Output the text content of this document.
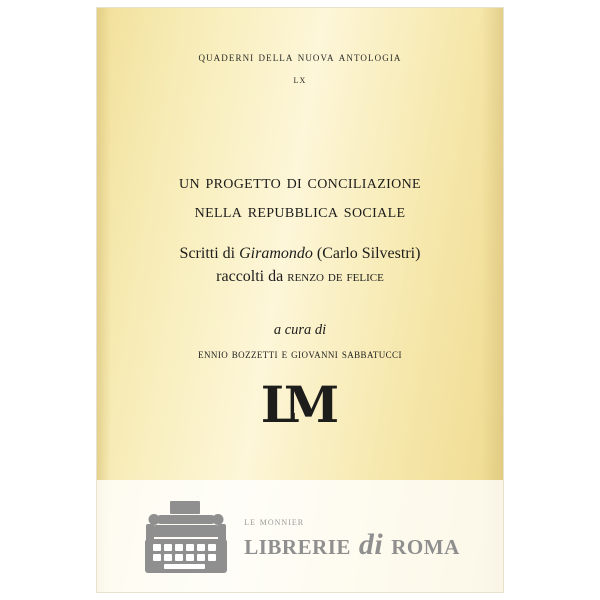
quaderni della nuova antologia
lx
un progetto di conciliazione
nella repubblica sociale
Scritti di Giramondo (Carlo Silvestri)
raccolti da renzo de felice
a cura di
ennio bozzetti e giovanni sabbatucci
LM
le monnier
librerie di roma
